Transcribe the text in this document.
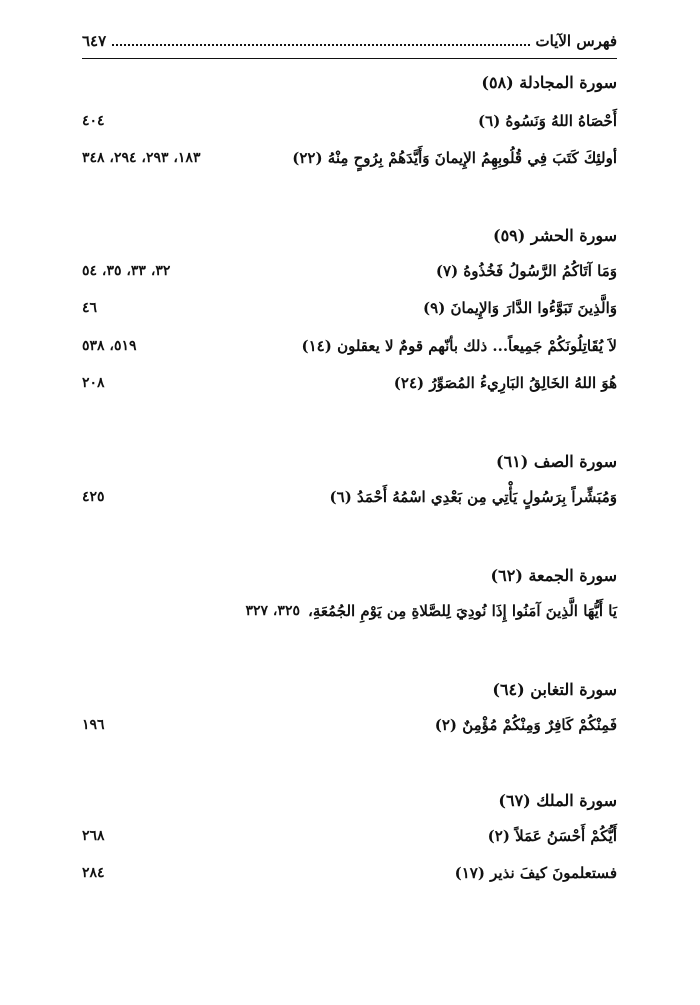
فهرس الآيات
٦٤٧
سورة المجادلة (٥٨)
أَحْصَاهُ اللهُ وَنَسُوهُ (٦)
٤٠٤
أولئِكَ كَتَبَ فِي قُلُوبِهِمُ الإِيمانَ وَأَيَّدَهُمْ بِرُوحٍ مِنْهُ (٢٢)
١٨٣، ٢٩٣، ٢٩٤، ٣٤٨
سورة الحشر (٥٩)
وَمَا آتَاكُمُ الرَّسُولُ فَخُذُوهُ (٧)
٣٢، ٣٣، ٣٥، ٥٤
وَالَّذِينَ تَبَوَّءُوا الدَّارَ وَالإِيمانَ (٩)
٤٦
لاَ يُقَاتِلُونَكُمْ جَمِيعاً... ذلك بأنّهم قومٌ لا يعقلون (١٤)
٥١٩، ٥٣٨
هُوَ اللهُ الخَالِقُ البَارِيءُ المُصَوِّرُ (٢٤)
٢٠٨
سورة الصف (٦١)
وَمُبَشِّراً بِرَسُولٍ يَأْتِي مِن بَعْدِي اسْمُهُ أَحْمَدُ (٦)
٤٢٥
سورة الجمعة (٦٢)
يَا أَيُّهَا الَّذِينَ آمَنُوا إِذَا نُودِيَ لِلصَّلاةِ مِن يَوْمِ الجُمُعَةِ،
٣٢٥، ٣٢٧
سورة التغابن (٦٤)
فَمِنْكُمْ كَافِرٌ وَمِنْكُمْ مُؤْمِنٌ (٢)
١٩٦
سورة الملك (٦٧)
أَيُّكُمْ أَحْسَنُ عَمَلاً (٢)
٢٦٨
فستعلمونَ كيفَ نذير (١٧)
٢٨٤
